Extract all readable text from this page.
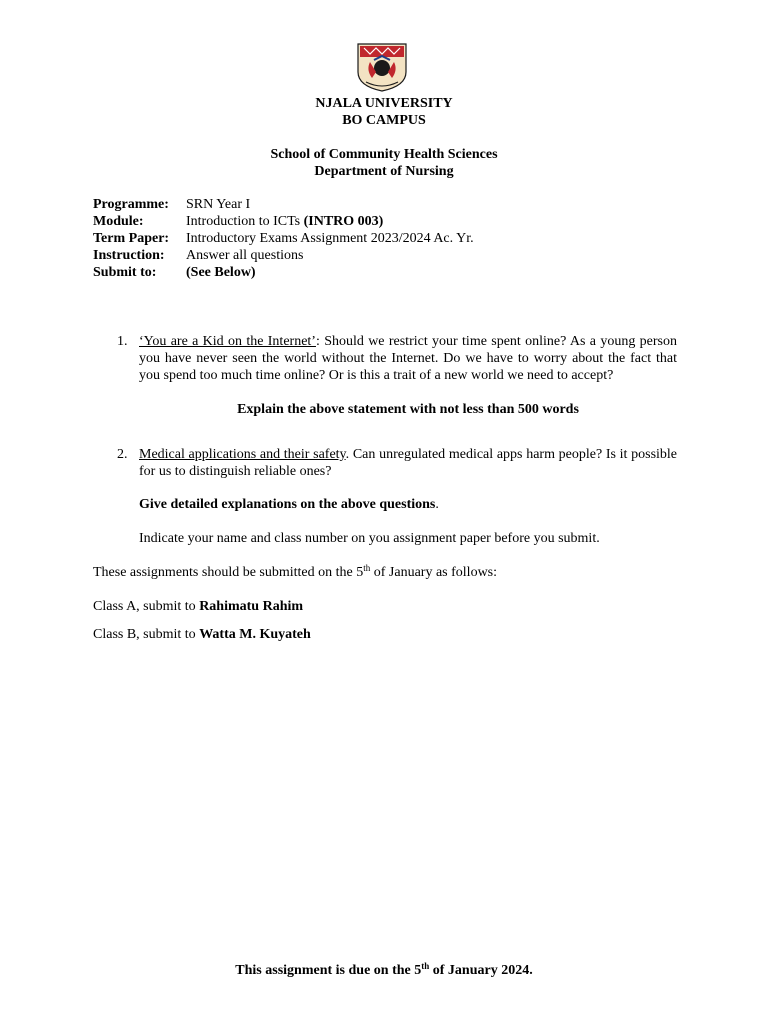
NJALA UNIVERSITY
BO CAMPUS
School of Community Health Sciences
Department of Nursing
Programme: SRN Year I
Module:	Introduction to ICTs (INTRO 003)
Term Paper: Introductory Exams Assignment 2023/2024 Ac. Yr.
Instruction: Answer all questions
Submit to: (See Below)
1. ‘You are a Kid on the Internet’: Should we restrict your time spent online? As a young person you have never seen the world without the Internet. Do we have to worry about the fact that you spend too much time online? Or is this a trait of a new world we need to accept?
Explain the above statement with not less than 500 words
2. Medical applications and their safety. Can unregulated medical apps harm people? Is it possible for us to distinguish reliable ones?
Give detailed explanations on the above questions.
Indicate your name and class number on you assignment paper before you submit.
These assignments should be submitted on the 5th of January as follows:
Class A, submit to Rahimatu Rahim
Class B, submit to Watta M. Kuyateh
This assignment is due on the 5th of January 2024.
